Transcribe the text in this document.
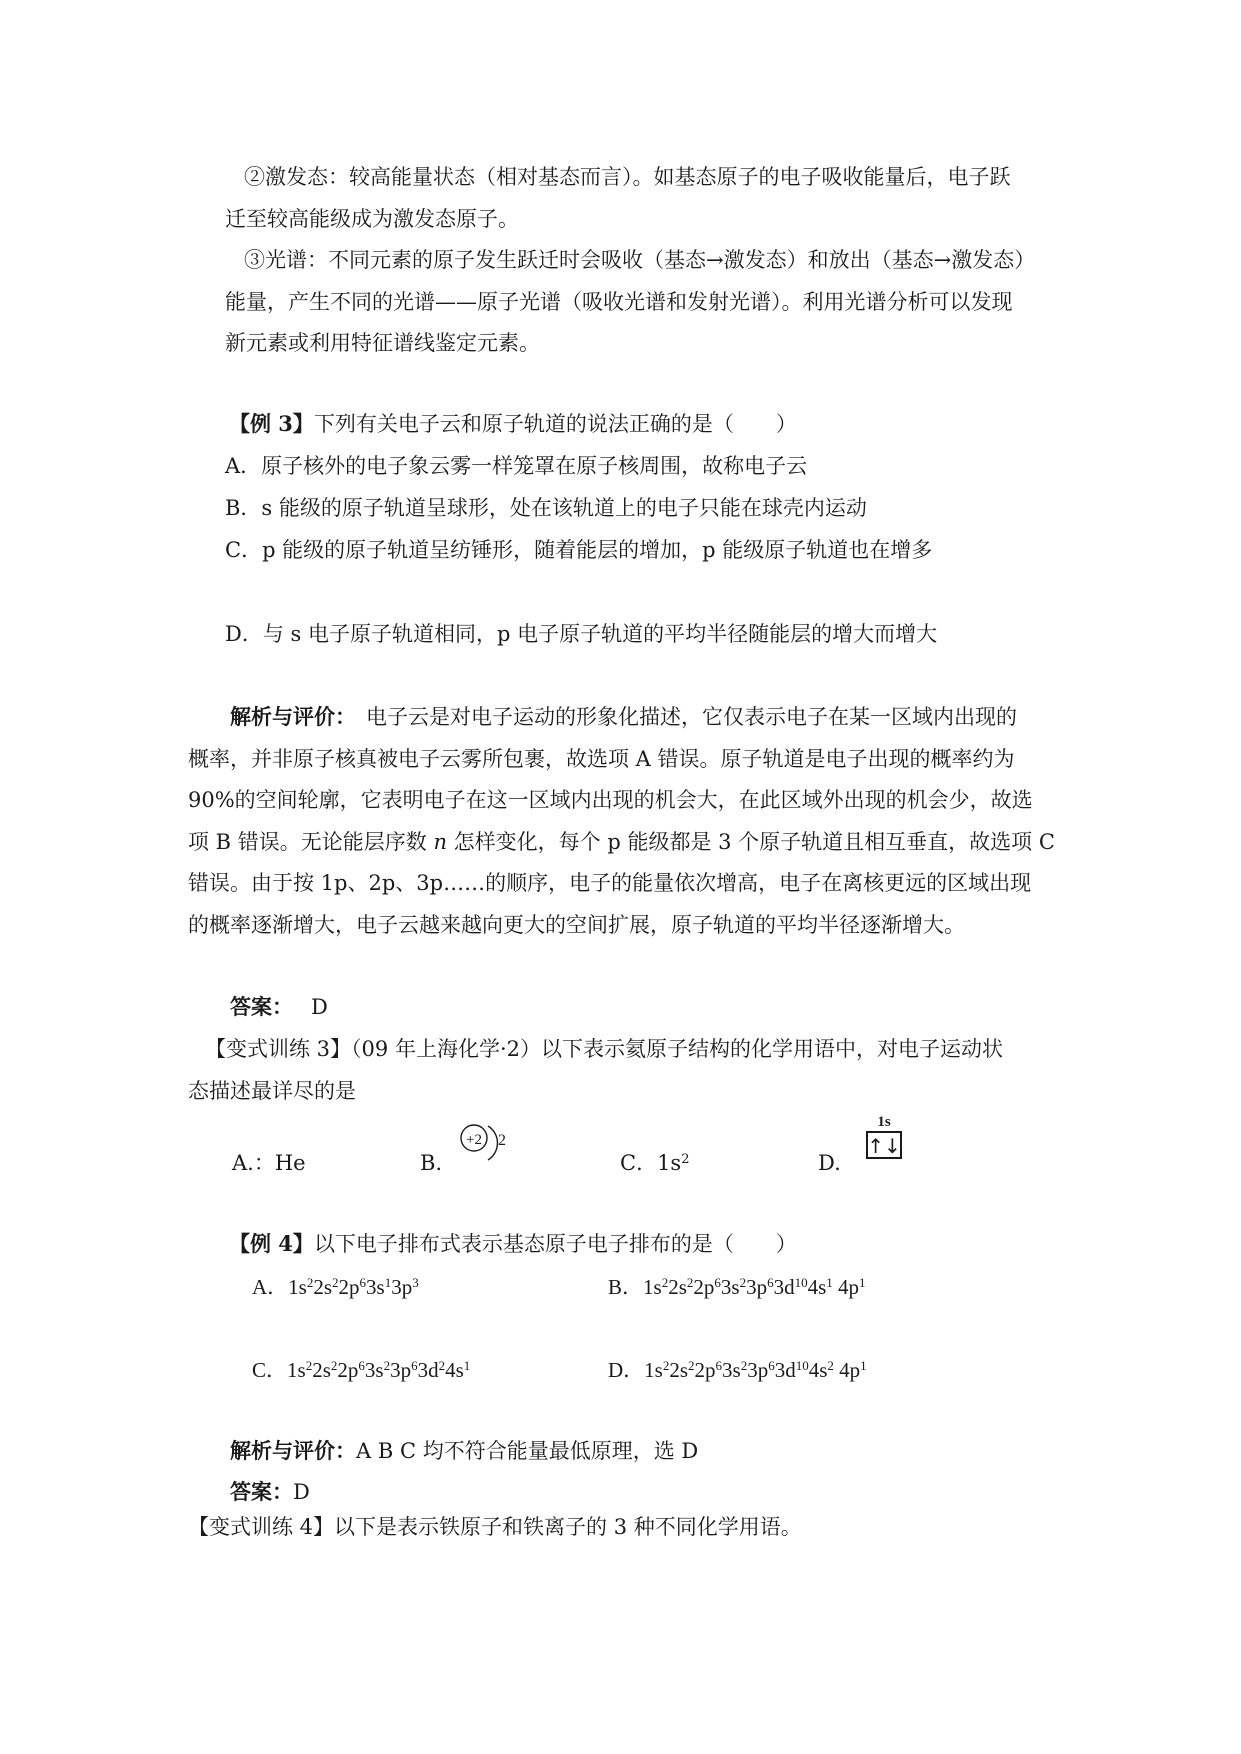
②激发态：较高能量状态（相对基态而言）。如基态原子的电子吸收能量后，电子跃
迁至较高能级成为激发态原子。
③光谱：不同元素的原子发生跃迁时会吸收（基态→激发态）和放出（基态→激发态）
能量，产生不同的光谱——原子光谱（吸收光谱和发射光谱）。利用光谱分析可以发现
新元素或利用特征谱线鉴定元素。
【例 3】下列有关电子云和原子轨道的说法正确的是（　　）
A．原子核外的电子象云雾一样笼罩在原子核周围，故称电子云
B．s 能级的原子轨道呈球形，处在该轨道上的电子只能在球壳内运动
C．p 能级的原子轨道呈纺锤形，随着能层的增加，p 能级原子轨道也在增多
D．与 s 电子原子轨道相同，p 电子原子轨道的平均半径随能层的增大而增大
解析与评价： 电子云是对电子运动的形象化描述，它仅表示电子在某一区域内出现的
概率，并非原子核真被电子云雾所包裹，故选项 A 错误。原子轨道是电子出现的概率约为
90%的空间轮廓，它表明电子在这一区域内出现的机会大，在此区域外出现的机会少，故选
项 B 错误。无论能层序数 n 怎样变化，每个 p 能级都是 3 个原子轨道且相互垂直，故选项 C
错误。由于按 1p、2p、3p……的顺序，电子的能量依次增高，电子在离核更远的区域出现
的概率逐渐增大，电子云越来越向更大的空间扩展，原子轨道的平均半径逐渐增大。
答案： D
【变式训练 3】（09 年上海化学·2）以下表示氦原子结构的化学用语中，对电子运动状
态描述最详尽的是
A.：He	B.
+2 2
C．$1s^2$	D.
1s
↑↓
【例 4】以下电子排布式表示基态原子电子排布的是（　　）
A．$1s^22s^22p^63s^13p^3$	B．$1s^22s^22p^63s^23p^63d^{10}4s^1$ $4p^1$
C．$1s^22s^22p^63s^23p^63d^24s^1$	D．$1s^22s^22p^63s^23p^63d^{10}4s^2$ $4p^1$
解析与评价：A B C 均不符合能量最低原理，选 D
答案：D
【变式训练 4】以下是表示铁原子和铁离子的 3 种不同化学用语。
